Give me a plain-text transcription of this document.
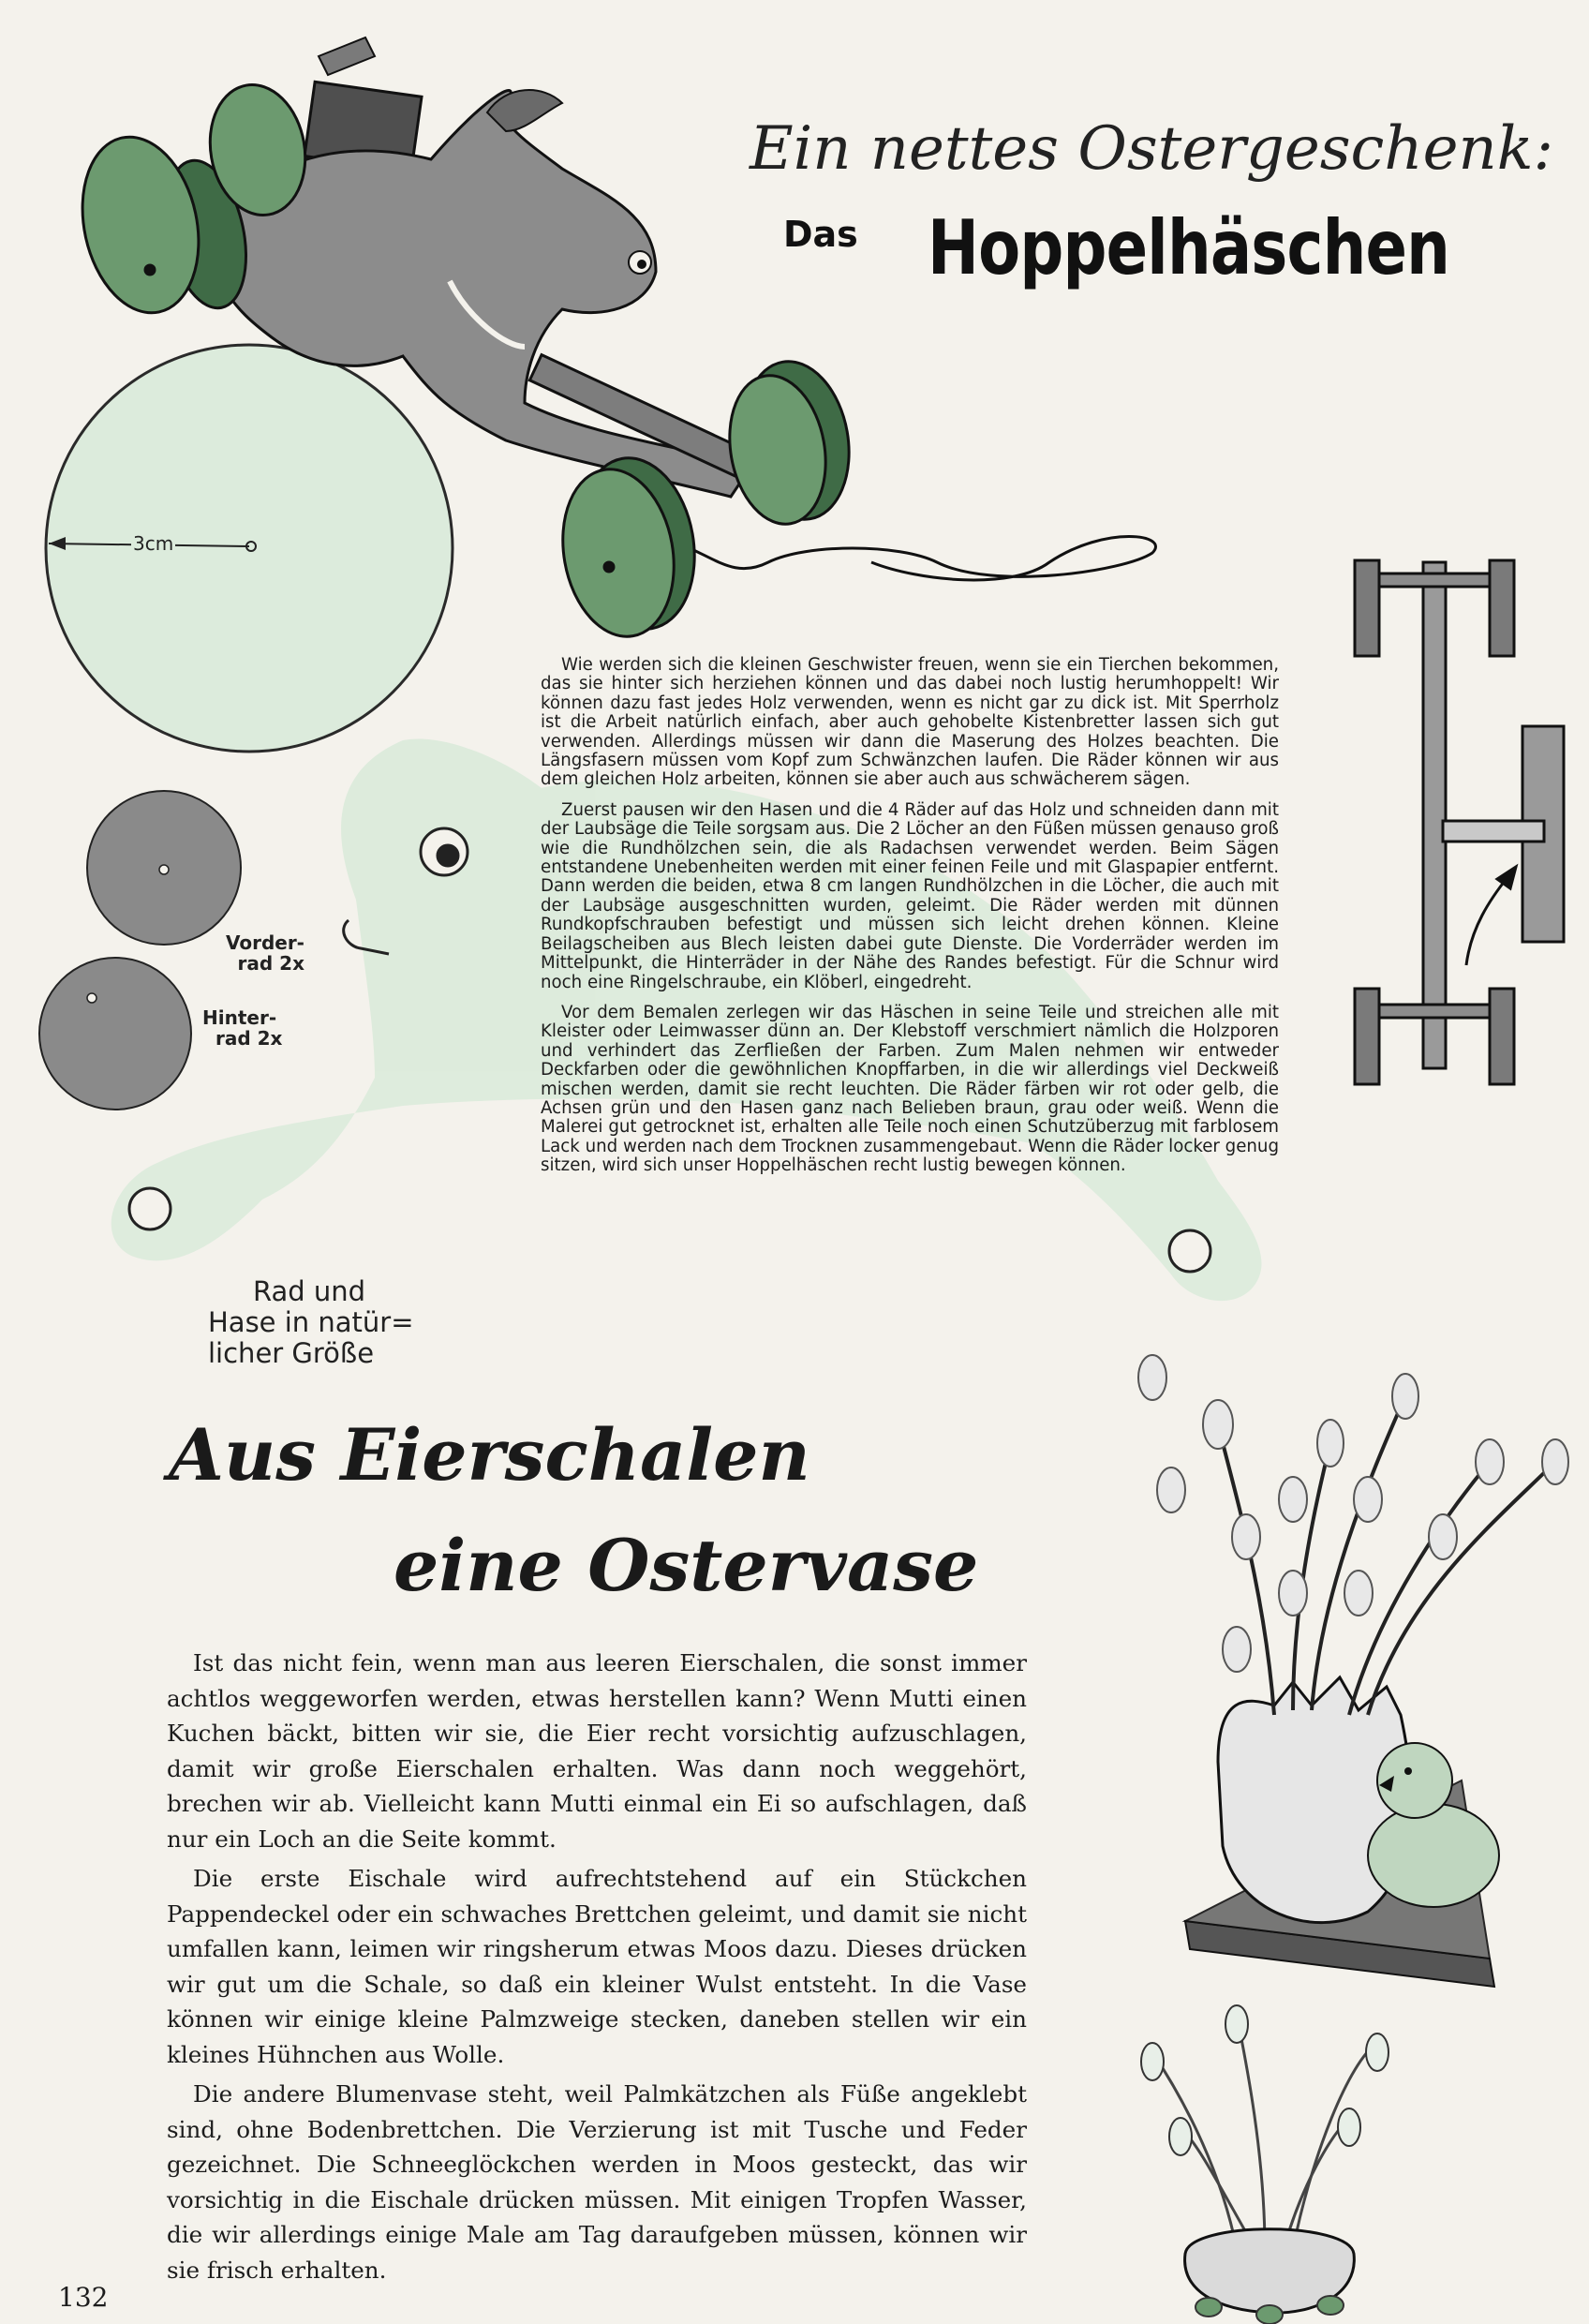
Ein nettes Ostergeschenk:
Das Hoppelhäschen
3cm
Vorder-
rad 2x
Hinter-
rad 2x
Rad und
Hase in natür=
licher Größe

Wie werden sich die kleinen Geschwister freuen, wenn sie ein Tierchen bekommen, das sie hinter sich herziehen können und das dabei noch lustig herumhoppelt! Wir können dazu fast jedes Holz verwenden, wenn es nicht gar zu dick ist. Mit Sperrholz ist die Arbeit natürlich einfach, aber auch gehobelte Kistenbretter lassen sich gut verwenden. Allerdings müssen wir dann die Maserung des Holzes beachten. Die Längsfasern müssen vom Kopf zum Schwänzchen laufen. Die Räder können wir aus dem gleichen Holz arbeiten, können sie aber auch aus schwächerem sägen.

Zuerst pausen wir den Hasen und die 4 Räder auf das Holz und schneiden dann mit der Laubsäge die Teile sorgsam aus. Die 2 Löcher an den Füßen müssen genauso groß wie die Rundhölzchen sein, die als Radachsen verwendet werden. Beim Sägen entstandene Unebenheiten werden mit einer feinen Feile und mit Glaspapier entfernt. Dann werden die beiden, etwa 8 cm langen Rundhölzchen in die Löcher, die auch mit der Laubsäge ausgeschnitten wurden, geleimt. Die Räder werden mit dünnen Rundkopfschrauben befestigt und müssen sich leicht drehen können. Kleine Beilagscheiben aus Blech leisten dabei gute Dienste. Die Vorderräder werden im Mittelpunkt, die Hinterräder in der Nähe des Randes befestigt. Für die Schnur wird noch eine Ringelschraube, ein Klöberl, eingedreht.

Vor dem Bemalen zerlegen wir das Häschen in seine Teile und streichen alle mit Kleister oder Leimwasser dünn an. Der Klebstoff verschmiert nämlich die Holzporen und verhindert das Zerfließen der Farben. Zum Malen nehmen wir entweder Deckfarben oder die gewöhnlichen Knopffarben, in die wir allerdings viel Deckweiß mischen werden, damit sie recht leuchten. Die Räder färben wir rot oder gelb, die Achsen grün und den Hasen ganz nach Belieben braun, grau oder weiß. Wenn die Malerei gut getrocknet ist, erhalten alle Teile noch einen Schutzüberzug mit farblosem Lack und werden nach dem Trocknen zusammengebaut. Wenn die Räder locker genug sitzen, wird sich unser Hoppelhäschen recht lustig bewegen können.

Aus Eierschalen
eine Ostervase

Ist das nicht fein, wenn man aus leeren Eierschalen, die sonst immer achtlos weggeworfen werden, etwas herstellen kann? Wenn Mutti einen Kuchen bäckt, bitten wir sie, die Eier recht vorsichtig aufzuschlagen, damit wir große Eierschalen erhalten. Was dann noch weggehört, brechen wir ab. Vielleicht kann Mutti einmal ein Ei so aufschlagen, daß nur ein Loch an die Seite kommt.

Die erste Eischale wird aufrechtstehend auf ein Stückchen Pappendeckel oder ein schwaches Brettchen geleimt, und damit sie nicht umfallen kann, leimen wir ringsherum etwas Moos dazu. Dieses drücken wir gut um die Schale, so daß ein kleiner Wulst entsteht. In die Vase können wir einige kleine Palmzweige stecken, daneben stellen wir ein kleines Hühnchen aus Wolle.

Die andere Blumenvase steht, weil Palmkätzchen als Füße angeklebt sind, ohne Bodenbrettchen. Die Verzierung ist mit Tusche und Feder gezeichnet. Die Schneeglöckchen werden in Moos gesteckt, das wir vorsichtig in die Eischale drücken müssen. Mit einigen Tropfen Wasser, die wir allerdings einige Male am Tag daraufgeben müssen, können wir sie frisch erhalten.

132
